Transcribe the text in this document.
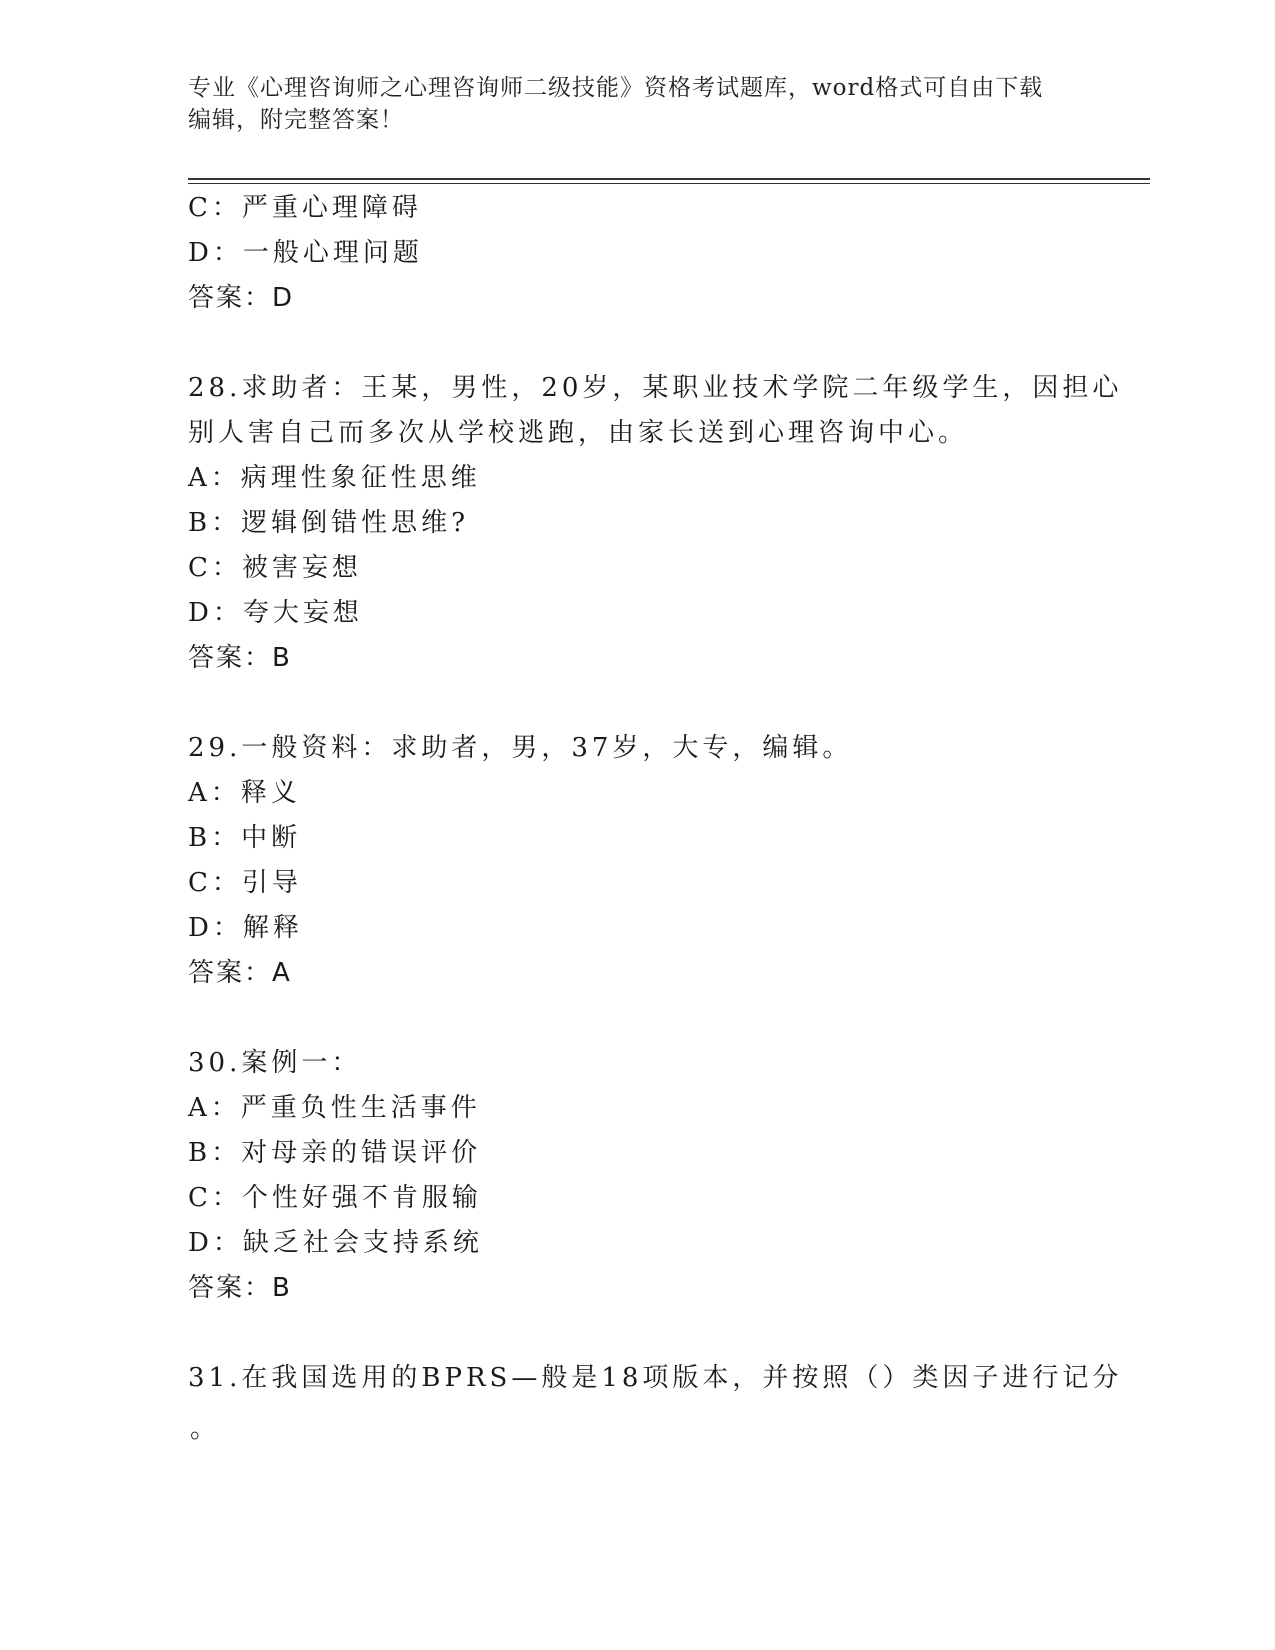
专业《心理咨询师之心理咨询师二级技能》资格考试题库，word格式可自由下载
编辑，附完整答案！
C：严重心理障碍
D：一般心理问题
答案：D
28.求助者：王某，男性，20岁，某职业技术学院二年级学生，因担心
别人害自己而多次从学校逃跑，由家长送到心理咨询中心。
A：病理性象征性思维
B：逻辑倒错性思维?
C：被害妄想
D：夸大妄想
答案：B
29.一般资料：求助者，男，37岁，大专，编辑。
A：释义
B：中断
C：引导
D：解释
答案：A
30.案例一：
A：严重负性生活事件
B：对母亲的错误评价
C：个性好强不肯服输
D：缺乏社会支持系统
答案：B
31.在我国选用的BPRS—般是18项版本，并按照（）类因子进行记分
。
